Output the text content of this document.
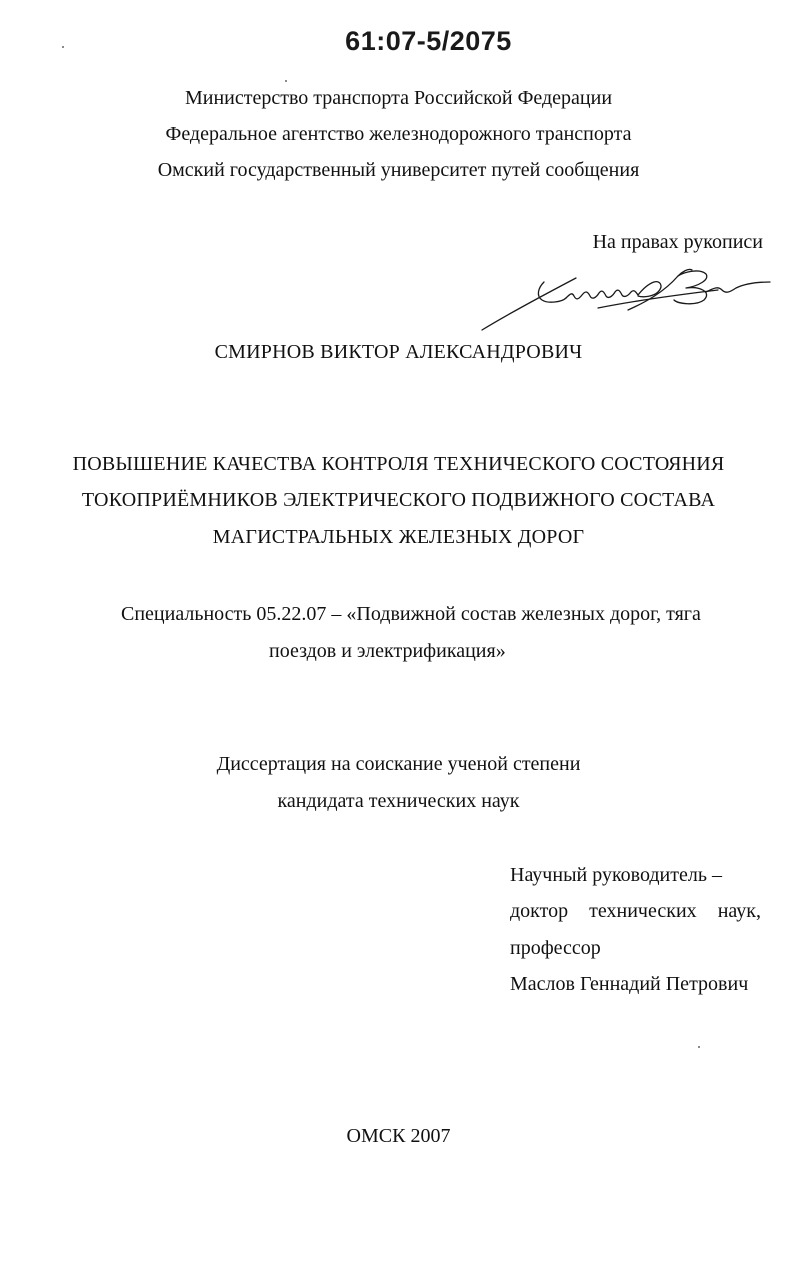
61:07-5/2075
Министерство транспорта Российской Федерации
Федеральное агентство железнодорожного транспорта
Омский государственный университет путей сообщения
На правах рукописи
СМИРНОВ ВИКТОР АЛЕКСАНДРОВИЧ
ПОВЫШЕНИЕ КАЧЕСТВА КОНТРОЛЯ ТЕХНИЧЕСКОГО СОСТОЯНИЯ
ТОКОПРИЁМНИКОВ ЭЛЕКТРИЧЕСКОГО ПОДВИЖНОГО СОСТАВА
МАГИСТРАЛЬНЫХ ЖЕЛЕЗНЫХ ДОРОГ
Специальность 05.22.07 – «Подвижной состав железных дорог, тяга
поездов и электрификация»
Диссертация на соискание ученой степени
кандидата технических наук
Научный руководитель –
доктор технических наук,
профессор
Маслов Геннадий Петрович
ОМСК 2007
